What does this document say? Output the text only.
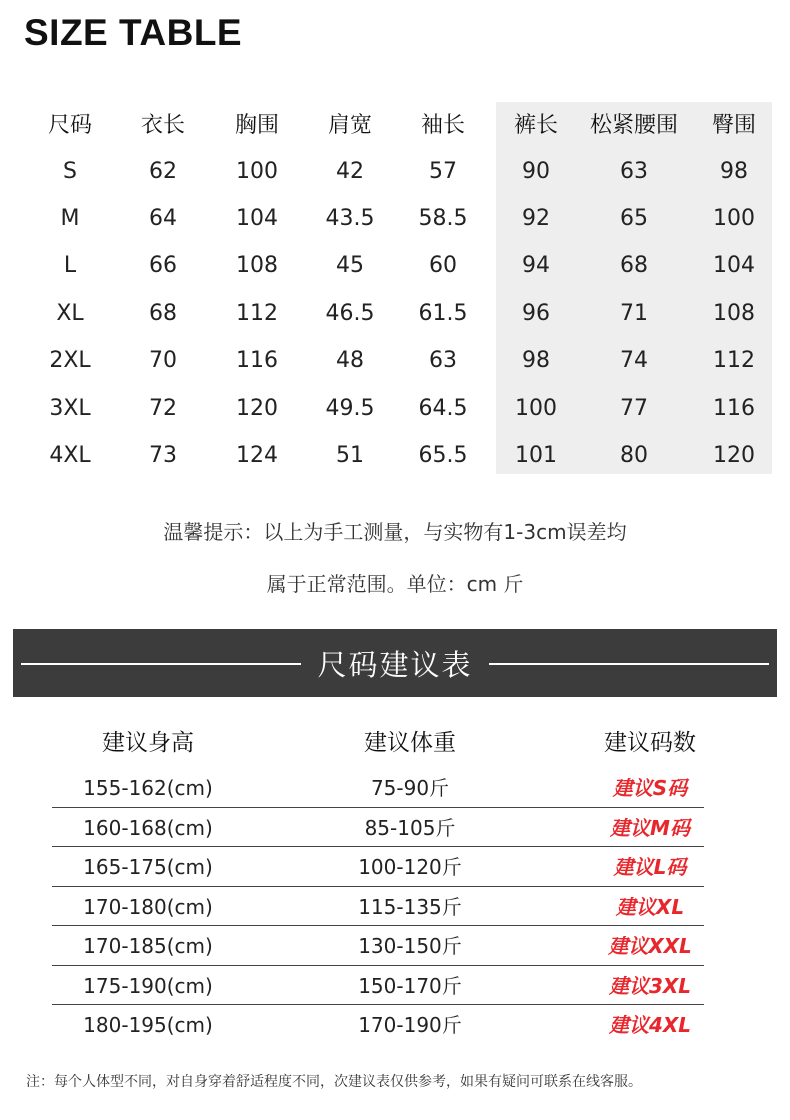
SIZE TABLE
尺码	衣长	胸围	肩宽	袖长	裤长	松紧腰围	臀围
S	62	100	42	57	90	63	98
M	64	104	43.5	58.5	92	65	100
L	66	108	45	60	94	68	104
XL	68	112	46.5	61.5	96	71	108
2XL	70	116	48	63	98	74	112
3XL	72	120	49.5	64.5	100	77	116
4XL	73	124	51	65.5	101	80	120
温馨提示：以上为手工测量，与实物有1-3cm误差均
属于正常范围。单位：cm 斤
尺码建议表
建议身高	建议体重	建议码数
155-162(cm)	75-90斤	建议S码
160-168(cm)	85-105斤	建议M码
165-175(cm)	100-120斤	建议L码
170-180(cm)	115-135斤	建议XL
170-185(cm)	130-150斤	建议XXL
175-190(cm)	150-170斤	建议3XL
180-195(cm)	170-190斤	建议4XL
注：每个人体型不同，对自身穿着舒适程度不同，次建议表仅供参考，如果有疑问可联系在线客服。
